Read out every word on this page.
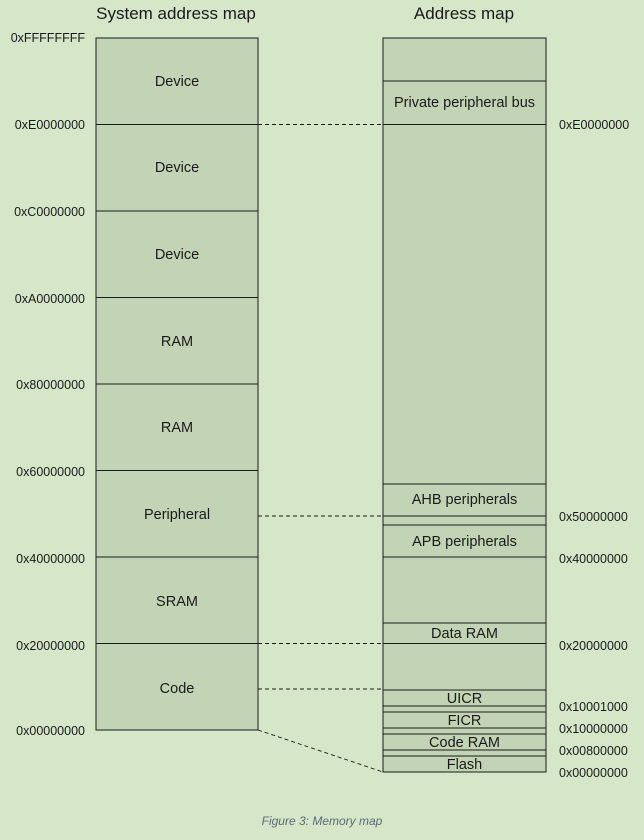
System address map	Address map
Device
Device
Device
RAM
RAM
Peripheral
SRAM
Code
0xFFFFFFFF
0xE0000000
0xC0000000
0xA0000000
0x80000000
0x60000000
0x40000000
0x20000000
0x00000000
Private peripheral bus
AHB peripherals
APB peripherals
Data RAM
UICR
FICR
Code RAM
Flash
0xE0000000
0x50000000
0x40000000
0x20000000
0x10001000
0x10000000
0x00800000
0x00000000
Figure 3: Memory map
